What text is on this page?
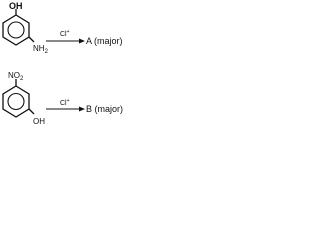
OH
$NH_2$
Cl+
A (major)
$NO_2$
OH
Cl+
B (major)
